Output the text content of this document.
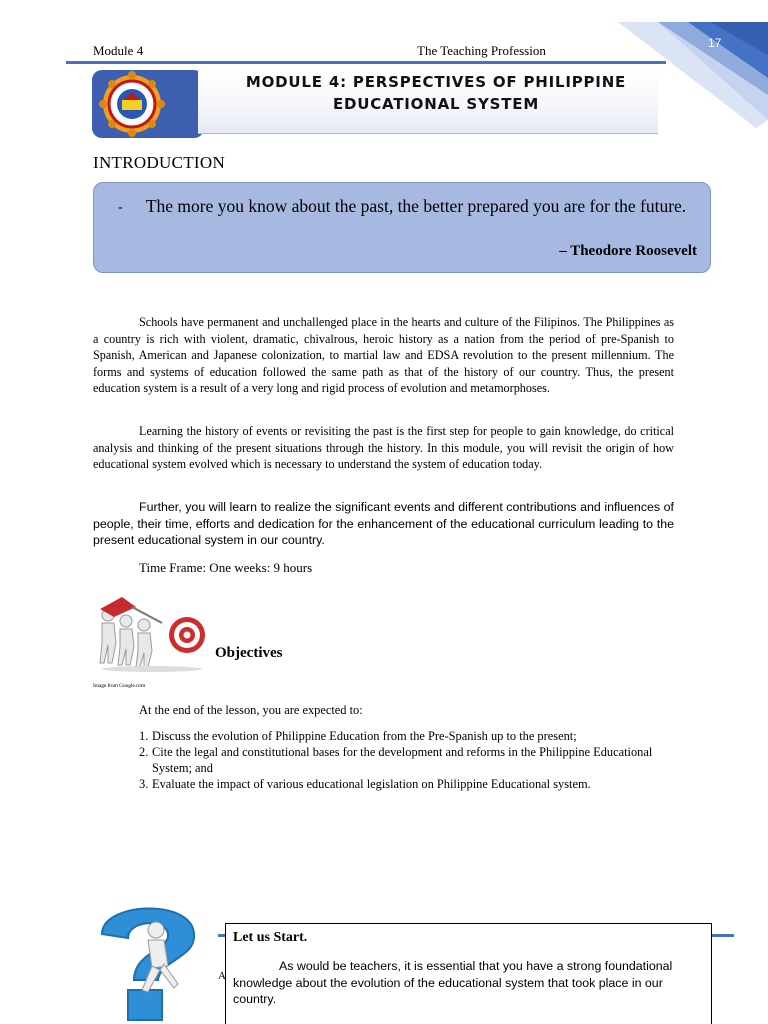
17
Module 4	The Teaching Profession
MODULE 4: PERSPECTIVES OF PHILIPPINE
EDUCATIONAL SYSTEM
INTRODUCTION
-	The more you know about the past, the better prepared you are for the future.
– Theodore Roosevelt

Schools have permanent and unchallenged place in the hearts and culture of the Filipinos. The Philippines as a country is rich with violent, dramatic, chivalrous, heroic history as a nation from the period of pre-Spanish to Spanish, American and Japanese colonization, to martial law and EDSA revolution to the present millennium. The forms and systems of education followed the same path as that of the history of our country. Thus, the present education system is a result of a very long and rigid process of evolution and metamorphoses.

Learning the history of events or revisiting the past is the first step for people to gain knowledge, do critical analysis and thinking of the present situations through the history. In this module, you will revisit the origin of how educational system evolved which is necessary to understand the system of education today.

Further, you will learn to realize the significant events and different contributions and influences of people, their time, efforts and dedication for the enhancement of the educational curriculum leading to the present educational system in our country.

Time Frame: One weeks: 9 hours
Objectives
Image from Google.com
At the end of the lesson, you are expected to:
1. Discuss the evolution of Philippine Education from the Pre-Spanish up to the present;
2. Cite the legal and constitutional bases for the development and reforms in the Philippine Educational System; and
3. Evaluate the impact of various educational legislation on Philippine Educational system.
A
Let us Start.

As would be teachers, it is essential that you have a strong foundational knowledge about the evolution of the educational system that took place in our country.
